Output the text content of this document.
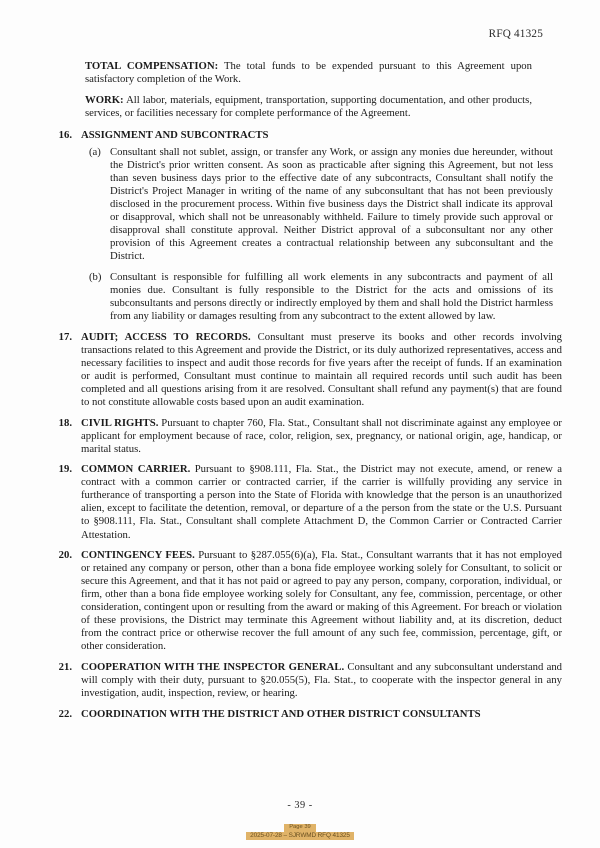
RFQ 41325

TOTAL COMPENSATION: The total funds to be expended pursuant to this Agreement upon satisfactory completion of the Work.

WORK: All labor, materials, equipment, transportation, supporting documentation, and other products, services, or facilities necessary for complete performance of the Agreement.

16. ASSIGNMENT AND SUBCONTRACTS
(a) Consultant shall not sublet, assign, or transfer any Work, or assign any monies due hereunder, without the District's prior written consent. As soon as practicable after signing this Agreement, but not less than seven business days prior to the effective date of any subcontracts, Consultant shall notify the District's Project Manager in writing of the name of any subconsultant that has not been previously disclosed in the procurement process. Within five business days the District shall indicate its approval or disapproval, which shall not be unreasonably withheld. Failure to timely provide such approval or disapproval shall constitute approval. Neither District approval of a subconsultant nor any other provision of this Agreement creates a contractual relationship between any subconsultant and the District.
(b) Consultant is responsible for fulfilling all work elements in any subcontracts and payment of all monies due. Consultant is fully responsible to the District for the acts and omissions of its subconsultants and persons directly or indirectly employed by them and shall hold the District harmless from any liability or damages resulting from any subcontract to the extent allowed by law.
17. AUDIT; ACCESS TO RECORDS. Consultant must preserve its books and other records involving transactions related to this Agreement and provide the District, or its duly authorized representatives, access and necessary facilities to inspect and audit those records for five years after the receipt of funds. If an examination or audit is performed, Consultant must continue to maintain all required records until such audit has been completed and all questions arising from it are resolved. Consultant shall refund any payment(s) that are found to not constitute allowable costs based upon an audit examination.
18. CIVIL RIGHTS. Pursuant to chapter 760, Fla. Stat., Consultant shall not discriminate against any employee or applicant for employment because of race, color, religion, sex, pregnancy, or national origin, age, handicap, or marital status.
19. COMMON CARRIER. Pursuant to §908.111, Fla. Stat., the District may not execute, amend, or renew a contract with a common carrier or contracted carrier, if the carrier is willfully providing any service in furtherance of transporting a person into the State of Florida with knowledge that the person is an unauthorized alien, except to facilitate the detention, removal, or departure of a the person from the state or the U.S. Pursuant to §908.111, Fla. Stat., Consultant shall complete Attachment D, the Common Carrier or Contracted Carrier Attestation.
20. CONTINGENCY FEES. Pursuant to §287.055(6)(a), Fla. Stat., Consultant warrants that it has not employed or retained any company or person, other than a bona fide employee working solely for Consultant, to solicit or secure this Agreement, and that it has not paid or agreed to pay any person, company, corporation, individual, or firm, other than a bona fide employee working solely for Consultant, any fee, commission, percentage, or other consideration, contingent upon or resulting from the award or making of this Agreement. For breach or violation of these provisions, the District may terminate this Agreement without liability and, at its discretion, deduct from the contract price or otherwise recover the full amount of any such fee, commission, percentage, gift, or other consideration.
21. COOPERATION WITH THE INSPECTOR GENERAL. Consultant and any subconsultant understand and will comply with their duty, pursuant to §20.055(5), Fla. Stat., to cooperate with the inspector general in any investigation, audit, inspection, review, or hearing.
22. COORDINATION WITH THE DISTRICT AND OTHER DISTRICT CONSULTANTS
- 39 -
Page 39
2025-07-28 – SJRWMD RFQ 41325
